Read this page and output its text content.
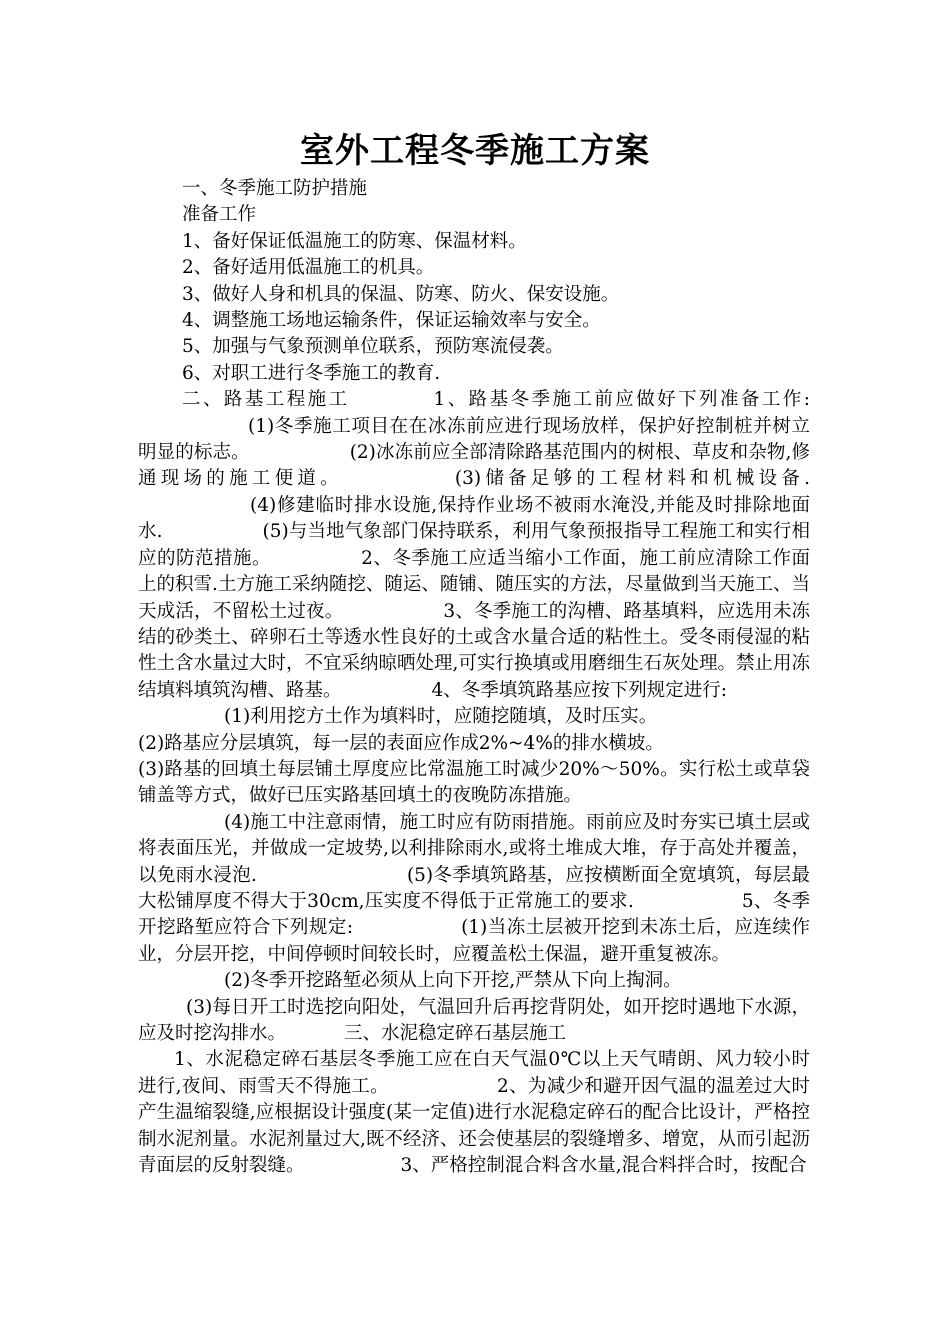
室外工程冬季施工方案

一、冬季施工防护措施

准备工作

1、备好保证低温施工的防寒、保温材料。

2、备好适用低温施工的机具。

3、做好人身和机具的保温、防寒、防火、保安设施。

4、调整施工场地运输条件，保证运输效率与安全。

5、加强与气象预测单位联系，预防寒流侵袭。

6、对职工进行冬季施工的教育.

二、路基工程施工	1、路基冬季施工前应做好下列准备工作:(1)冬季施工项目在在冰冻前应进行现场放样，保护好控制桩并树立明显的标志。	(2)冰冻前应全部清除路基范围内的树根、草皮和杂物,修通现场的施工便道。	(3)储备足够的工程材料和机械设备.(4)修建临时排水设施,保持作业场不被雨水淹没,并能及时排除地面水.	(5)与当地气象部门保持联系，利用气象预报指导工程施工和实行相应的防范措施。	2、冬季施工应适当缩小工作面，施工前应清除工作面上的积雪.土方施工采纳随挖、随运、随铺、随压实的方法，尽量做到当天施工、当天成活，不留松土过夜。	3、冬季施工的沟槽、路基填料，应选用未冻结的砂类土、碎卵石土等透水性良好的土或含水量合适的粘性土。受冬雨侵湿的粘性土含水量过大时，不宜采纳晾晒处理,可实行换填或用磨细生石灰处理。禁止用冻结填料填筑沟槽、路基。	4、冬季填筑路基应按下列规定进行:

(1)利用挖方土作为填料时，应随挖随填，及时压实。

(2)路基应分层填筑，每一层的表面应作成2%~4%的排水横坡。

(3)路基的回填土每层铺土厚度应比常温施工时减少20%～50%。实行松土或草袋铺盖等方式，做好已压实路基回填土的夜晚防冻措施。

(4)施工中注意雨情，施工时应有防雨措施。雨前应及时夯实已填土层或将表面压光，并做成一定坡势,以利排除雨水,或将土堆成大堆，存于高处并覆盖，以免雨水浸泡.	(5)冬季填筑路基，应按横断面全宽填筑，每层最大松铺厚度不得大于30cm,压实度不得低于正常施工的要求.	5、冬季开挖路堑应符合下列规定:	(1)当冻土层被开挖到未冻土后，应连续作业，分层开挖，中间停顿时间较长时，应覆盖松土保温，避开重复被冻。

(2)冬季开挖路堑必须从上向下开挖,严禁从下向上掏洞。

(3)每日开工时选挖向阳处，气温回升后再挖背阴处，如开挖时遇地下水源，应及时挖沟排水。	三、水泥稳定碎石基层施工

1、水泥稳定碎石基层冬季施工应在白天气温0℃以上天气晴朗、风力较小时进行,夜间、雨雪天不得施工。	2、为减少和避开因气温的温差过大时产生温缩裂缝,应根据设计强度(某一定值)进行水泥稳定碎石的配合比设计，严格控制水泥剂量。水泥剂量过大,既不经济、还会使基层的裂缝增多、增宽，从而引起沥青面层的反射裂缝。	3、严格控制混合料含水量,混合料拌合时，按配合
